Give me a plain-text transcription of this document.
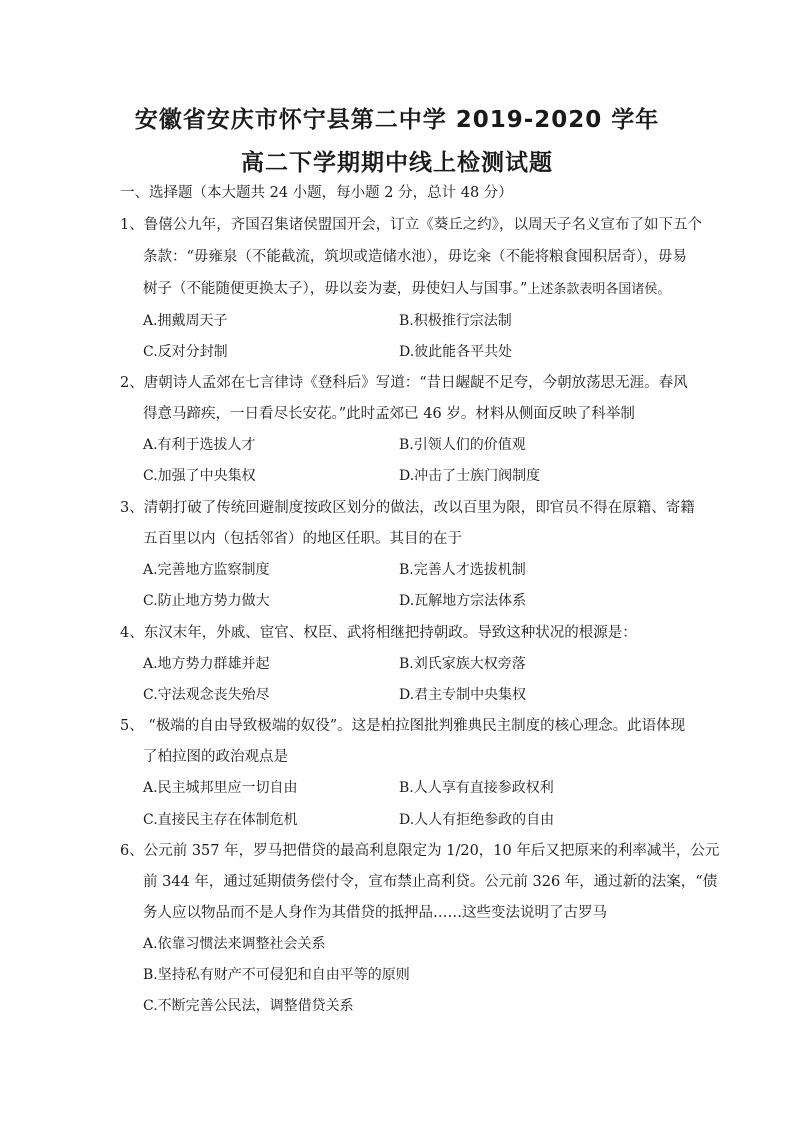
安徽省安庆市怀宁县第二中学 2019-2020 学年
高二下学期期中线上检测试题
一、选择题（本大题共 24 小题，每小题 2 分，总计 48 分）
1、鲁僖公九年，齐国召集诸侯盟国开会，订立《葵丘之约》，以周天子名义宣布了如下五个
条款：“毋雍泉（不能截流，筑坝或造储水池），毋讫籴（不能将粮食囤积居奇），毋易
树子（不能随便更换太子），毋以妾为妻，毋使妇人与国事。”上述条款表明各国诸侯。
A.拥戴周天子	B.积极推行宗法制
C.反对分封制	D.彼此能各平共处
2、唐朝诗人孟郊在七言律诗《登科后》写道：“昔日龌龊不足夸，今朝放荡思无涯。春风
得意马蹄疾，一日看尽长安花。”此时孟郊已 46 岁。材料从侧面反映了科举制
A.有利于选拔人才	B.引领人们的价值观
C.加强了中央集权	D.冲击了士族门阀制度
3、清朝打破了传统回避制度按政区划分的做法，改以百里为限，即官员不得在原籍、寄籍
五百里以内（包括邻省）的地区任职。其目的在于
A.完善地方监察制度	B.完善人才选拔机制
C.防止地方势力做大	D.瓦解地方宗法体系
4、东汉末年，外戚、宦官、权臣、武将相继把持朝政。导致这种状况的根源是：
A.地方势力群雄并起	B.刘氏家族大权旁落
C.守法观念丧失殆尽	D.君主专制中央集权
5、 “极端的自由导致极端的奴役”。这是柏拉图批判雅典民主制度的核心理念。此语体现
了柏拉图的政治观点是
A.民主城邦里应一切自由	B.人人享有直接参政权利
C.直接民主存在体制危机	D.人人有拒绝参政的自由
6、公元前 357 年，罗马把借贷的最高利息限定为 1/20，10 年后又把原来的利率减半，公元
前 344 年，通过延期债务偿付令，宣布禁止高利贷。公元前 326 年，通过新的法案，“债
务人应以物品而不是人身作为其借贷的抵押品……这些变法说明了古罗马
A.依靠习惯法来调整社会关系
B.坚持私有财产不可侵犯和自由平等的原则
C.不断完善公民法，调整借贷关系
